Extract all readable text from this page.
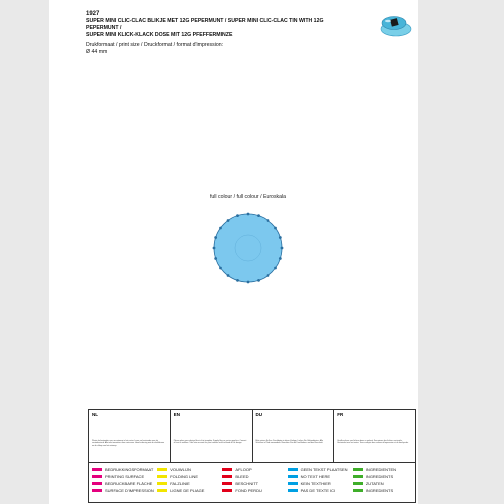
1927
SUPER MINI CLIC-CLAC BLIKJE MET 12G PEPERMUNT / SUPER MINI CLIC-CLAC TIN WITH 12G PEPERMUNT /
SUPER MINI KLICK-KLACK DOSE MIT 12G PFEFFERMINZE
Drukformaat / print size / Druckformat / format d'impression:
Ø 44 mm
full colour / full colour / Euroskala
NL
Plaats de bestanden van uw ontwerp in het raster. Lever uw bestanden aan als vectorbestand. Alle tekst omzetten naar contouren. Houd rekening met de drukkleuren en de afloop van het ontwerp.
EN
Please place your design files in this template. Supply files as vector graphics. Convert all text to outlines. Take into account the print colours and the bleed of the design.
DU
Bitte setzen Sie Ihre Druckdaten in diese Vorlage. Liefern Sie Vektordateien. Alle Schriften in Pfade umwandeln. Beachten Sie die Druckfarben und den Beschnitt.
FR
Veuillez placer vos fichiers dans ce gabarit. Fournissez des fichiers vectoriels. Vectorisez tous les textes. Tenez compte des couleurs d'impression et du fond perdu.
BEDRUKKINGSFORMAAT
PRINTING SURFACE
BEDRUCKBARE FLÄCHE
SURFACE D'IMPRESSION
VOUWLIJN
FOLDING LINE
FALZLINIE
LIGNE DE PLIAGE
AFLOOP
BLEED
BESCHNITT
FOND PERDU
GEEN TEKST PLAATSEN
NO TEXT HERE
KEIN TEXTHIER
PAS DE TEXTE ICI
INGREDIENTEN
INGREDIENTS
ZUTATEN
INGREDIENTS
